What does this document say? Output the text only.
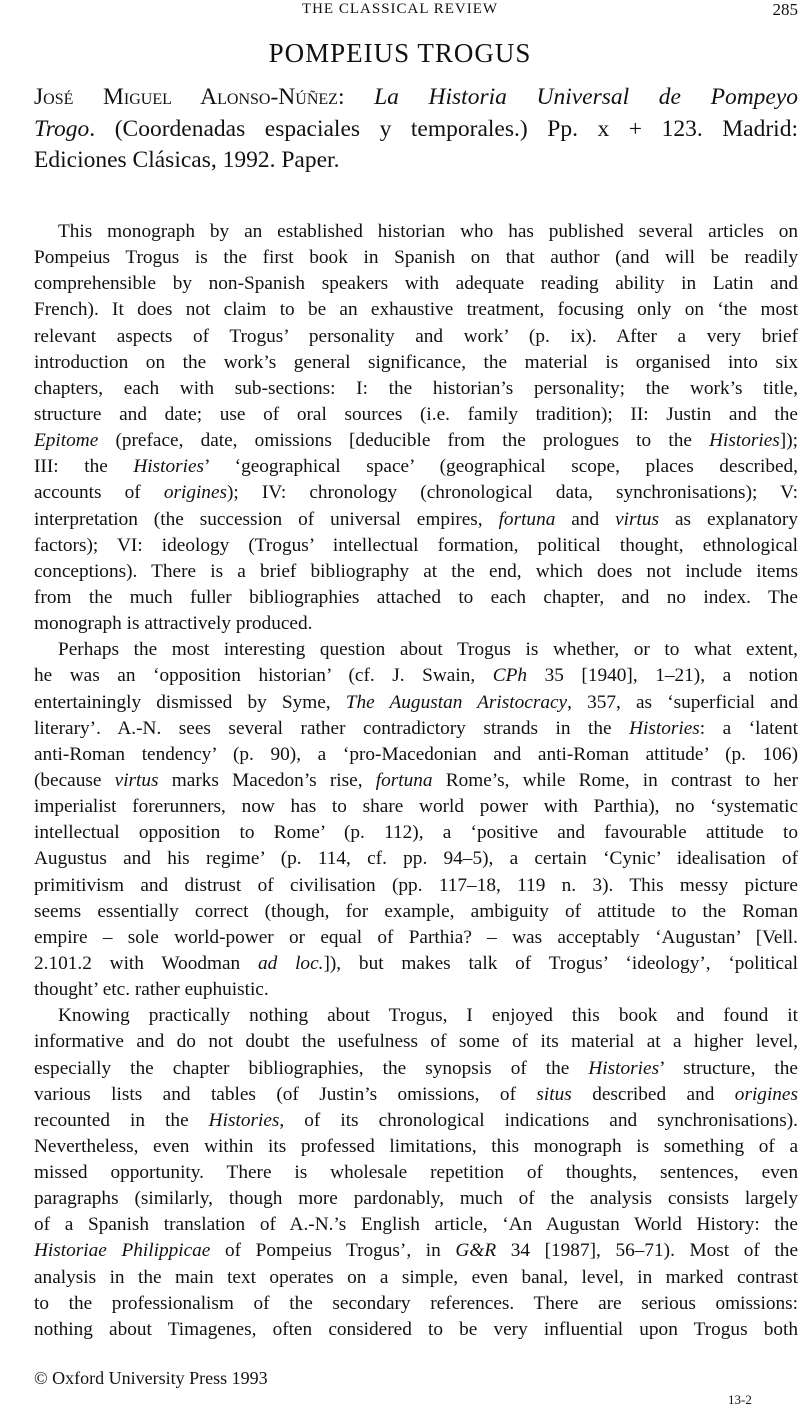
THE CLASSICAL REVIEW	285
POMPEIUS TROGUS
José Miguel Alonso-Núñez: La Historia Universal de Pompeyo
Trogo. (Coordenadas espaciales y temporales.) Pp. x + 123. Madrid:
Ediciones Clásicas, 1992. Paper.
This monograph by an established historian who has published several articles on
Pompeius Trogus is the first book in Spanish on that author (and will be readily
comprehensible by non-Spanish speakers with adequate reading ability in Latin and
French). It does not claim to be an exhaustive treatment, focusing only on ‘the most
relevant aspects of Trogus’ personality and work’ (p. ix). After a very brief
introduction on the work’s general significance, the material is organised into six
chapters, each with sub-sections: I: the historian’s personality; the work’s title,
structure and date; use of oral sources (i.e. family tradition); II: Justin and the
Epitome (preface, date, omissions [deducible from the prologues to the Histories]);
III: the Histories’ ‘geographical space’ (geographical scope, places described,
accounts of origines); IV: chronology (chronological data, synchronisations); V:
interpretation (the succession of universal empires, fortuna and virtus as explanatory
factors); VI: ideology (Trogus’ intellectual formation, political thought, ethnological
conceptions). There is a brief bibliography at the end, which does not include items
from the much fuller bibliographies attached to each chapter, and no index. The
monograph is attractively produced.
Perhaps the most interesting question about Trogus is whether, or to what extent,
he was an ‘opposition historian’ (cf. J. Swain, CPh 35 [1940], 1–21), a notion
entertainingly dismissed by Syme, The Augustan Aristocracy, 357, as ‘superficial and
literary’. A.-N. sees several rather contradictory strands in the Histories: a ‘latent
anti-Roman tendency’ (p. 90), a ‘pro-Macedonian and anti-Roman attitude’ (p. 106)
(because virtus marks Macedon’s rise, fortuna Rome’s, while Rome, in contrast to her
imperialist forerunners, now has to share world power with Parthia), no ‘systematic
intellectual opposition to Rome’ (p. 112), a ‘positive and favourable attitude to
Augustus and his regime’ (p. 114, cf. pp. 94–5), a certain ‘Cynic’ idealisation of
primitivism and distrust of civilisation (pp. 117–18, 119 n. 3). This messy picture
seems essentially correct (though, for example, ambiguity of attitude to the Roman
empire – sole world-power or equal of Parthia? – was acceptably ‘Augustan’ [Vell.
2.101.2 with Woodman ad loc.]), but makes talk of Trogus’ ‘ideology’, ‘political
thought’ etc. rather euphuistic.
Knowing practically nothing about Trogus, I enjoyed this book and found it
informative and do not doubt the usefulness of some of its material at a higher level,
especially the chapter bibliographies, the synopsis of the Histories’ structure, the
various lists and tables (of Justin’s omissions, of situs described and origines
recounted in the Histories, of its chronological indications and synchronisations).
Nevertheless, even within its professed limitations, this monograph is something of a
missed opportunity. There is wholesale repetition of thoughts, sentences, even
paragraphs (similarly, though more pardonably, much of the analysis consists largely
of a Spanish translation of A.-N.’s English article, ‘An Augustan World History: the
Historiae Philippicae of Pompeius Trogus’, in G&R 34 [1987], 56–71). Most of the
analysis in the main text operates on a simple, even banal, level, in marked contrast
to the professionalism of the secondary references. There are serious omissions:
nothing about Timagenes, often considered to be very influential upon Trogus both
© Oxford University Press 1993
13-2
